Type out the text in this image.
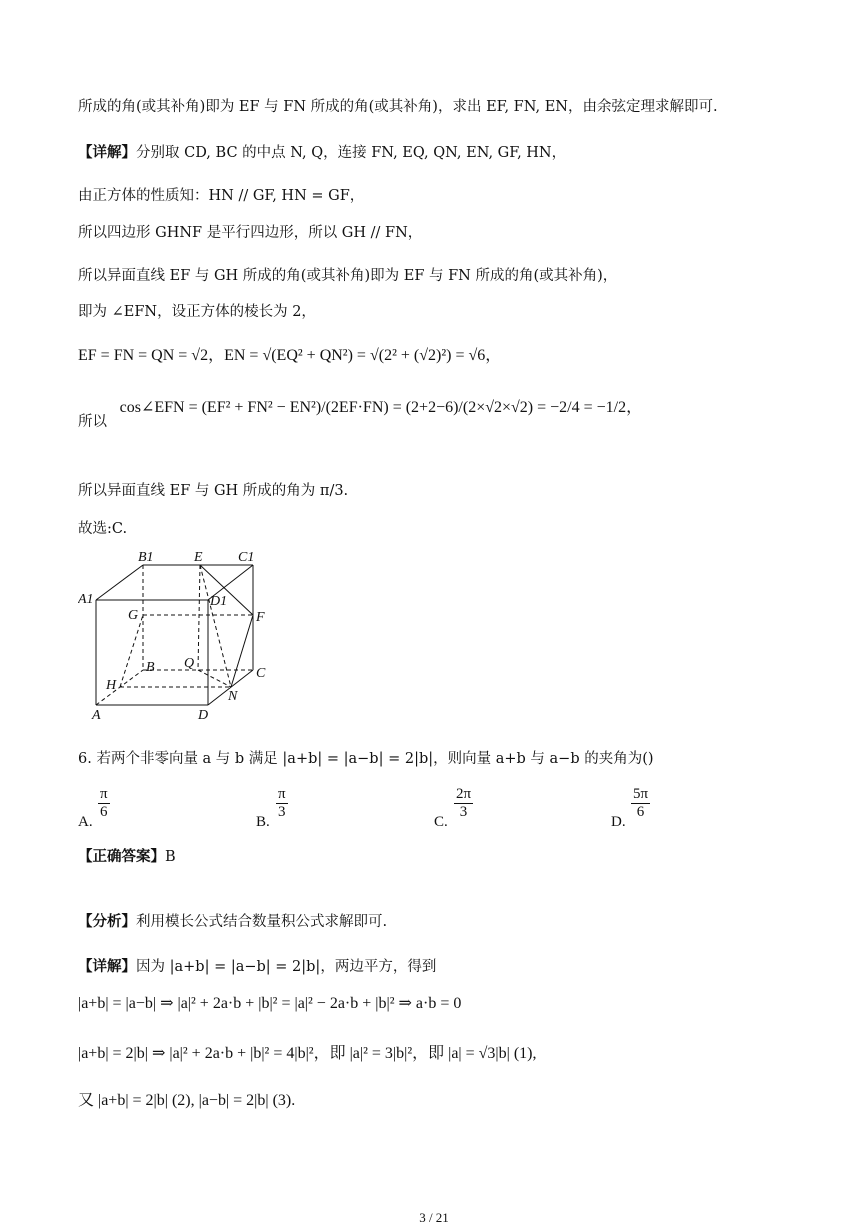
所成的角(或其补角)即为 EF 与 FN 所成的角(或其补角)，求出 EF, FN, EN，由余弦定理求解即可.
【详解】分别取 CD, BC 的中点 N, Q，连接 FN, EQ, QN, EN, GF, HN，
由正方体的性质知：HN // GF, HN = GF，
所以四边形 GHNF 是平行四边形，所以 GH // FN，
所以异面直线 EF 与 GH 所成的角(或其补角)即为 EF 与 FN 所成的角(或其补角)，
即为 ∠EFN，设正方体的棱长为 2，
EF = FN = QN = √2，EN = √(EQ² + QN²) = √(2² + (√2)²) = √6，
所以 cos∠EFN = (EF² + FN² − EN²)/(2EF·FN) = (2+2−6)/(2×√2×√2) = −2/4 = −1/2，
所以异面直线 EF 与 GH 所成的角为 π/3.
故选:C.
B1	E	C1
A1	D1
G	F
B Q
C
H
N
A	D
6. 若两个非零向量 a 与 b 满足 |a+b| = |a−b| = 2|b|，则向量 a+b 与 a−b 的夹角为()
A.
$\frac{\pi}{6}$
B.
$\frac{\pi}{3}$
C.
$\frac{2\pi}{3}$
D.
$\frac{5\pi}{6}$
【正确答案】B
【分析】利用模长公式结合数量积公式求解即可.
【详解】因为 |a+b| = |a−b| = 2|b|，两边平方，得到
|a+b| = |a−b| ⇒ |a|² + 2a·b + |b|² = |a|² − 2a·b + |b|² ⇒ a·b = 0
|a+b| = 2|b| ⇒ |a|² + 2a·b + |b|² = 4|b|²，即 |a|² = 3|b|²，即 |a| = √3|b| (1),
又 |a+b| = 2|b| (2), |a−b| = 2|b| (3).
3 / 21
